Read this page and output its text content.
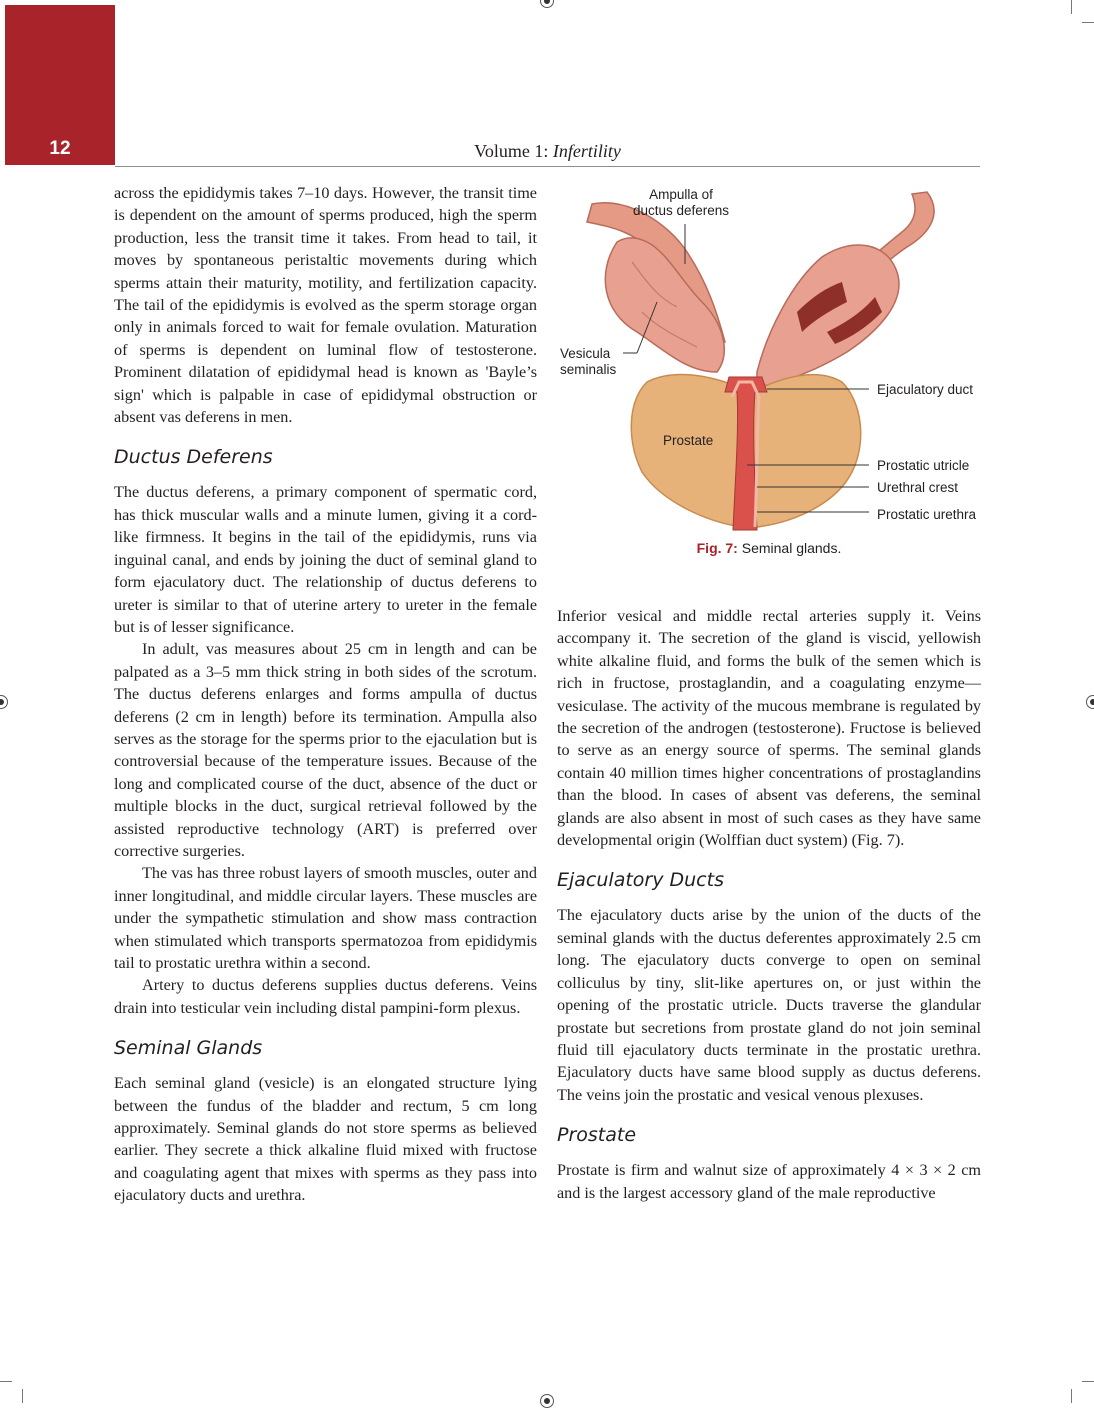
12	Volume 1: Infertility

across the epididymis takes 7–10 days. However, the transit time is dependent on the amount of sperms produced, high the sperm production, less the transit time it takes. From head to tail, it moves by spontaneous peristaltic movements during which sperms attain their maturity, motility, and fertilization capacity. The tail of the epididymis is evolved as the sperm storage organ only in animals forced to wait for female ovulation. Maturation of sperms is dependent on luminal flow of testosterone. Prominent dilatation of epididymal head is known as 'Bayle’s sign' which is palpable in case of epididymal obstruction or absent vas deferens in men.

Ductus Deferens

The ductus deferens, a primary component of spermatic cord, has thick muscular walls and a minute lumen, giving it a cord-like firmness. It begins in the tail of the epididymis, runs via inguinal canal, and ends by joining the duct of seminal gland to form ejaculatory duct. The relationship of ductus deferens to ureter is similar to that of uterine artery to ureter in the female but is of lesser significance.

In adult, vas measures about 25 cm in length and can be palpated as a 3–5 mm thick string in both sides of the scrotum. The ductus deferens enlarges and forms ampulla of ductus deferens (2 cm in length) before its termination. Ampulla also serves as the storage for the sperms prior to the ejaculation but is controversial because of the temperature issues. Because of the long and complicated course of the duct, absence of the duct or multiple blocks in the duct, surgical retrieval followed by the assisted reproductive technology (ART) is preferred over corrective surgeries.

The vas has three robust layers of smooth muscles, outer and inner longitudinal, and middle circular layers. These muscles are under the sympathetic stimulation and show mass contraction when stimulated which transports spermatozoa from epididymis tail to prostatic urethra within a second.

Artery to ductus deferens supplies ductus deferens. Veins drain into testicular vein including distal pampini-form plexus.

Seminal Glands

Each seminal gland (vesicle) is an elongated structure lying between the fundus of the bladder and rectum, 5 cm long approximately. Seminal glands do not store sperms as believed earlier. They secrete a thick alkaline fluid mixed with fructose and coagulating agent that mixes with sperms as they pass into ejaculatory ducts and urethra.

Ampulla of
ductus deferens
Vesicula
seminalis
Ejaculatory duct
Prostate
Prostatic utricle
Urethral crest
Prostatic urethra
Fig. 7: Seminal glands.

Inferior vesical and middle rectal arteries supply it. Veins accompany it. The secretion of the gland is viscid, yellowish white alkaline fluid, and forms the bulk of the semen which is rich in fructose, prostaglandin, and a coagulating enzyme—vesiculase. The activity of the mucous membrane is regulated by the secretion of the androgen (testosterone). Fructose is believed to serve as an energy source of sperms. The seminal glands contain 40 million times higher concentrations of prostaglandins than the blood. In cases of absent vas deferens, the seminal glands are also absent in most of such cases as they have same developmental origin (Wolffian duct system) (Fig. 7).

Ejaculatory Ducts

The ejaculatory ducts arise by the union of the ducts of the seminal glands with the ductus deferentes approximately 2.5 cm long. The ejaculatory ducts converge to open on seminal colliculus by tiny, slit-like apertures on, or just within the opening of the prostatic utricle. Ducts traverse the glandular prostate but secretions from prostate gland do not join seminal fluid till ejaculatory ducts terminate in the prostatic urethra. Ejaculatory ducts have same blood supply as ductus deferens. The veins join the prostatic and vesical venous plexuses.

Prostate

Prostate is firm and walnut size of approximately 4 × 3 × 2 cm and is the largest accessory gland of the male reproductive
